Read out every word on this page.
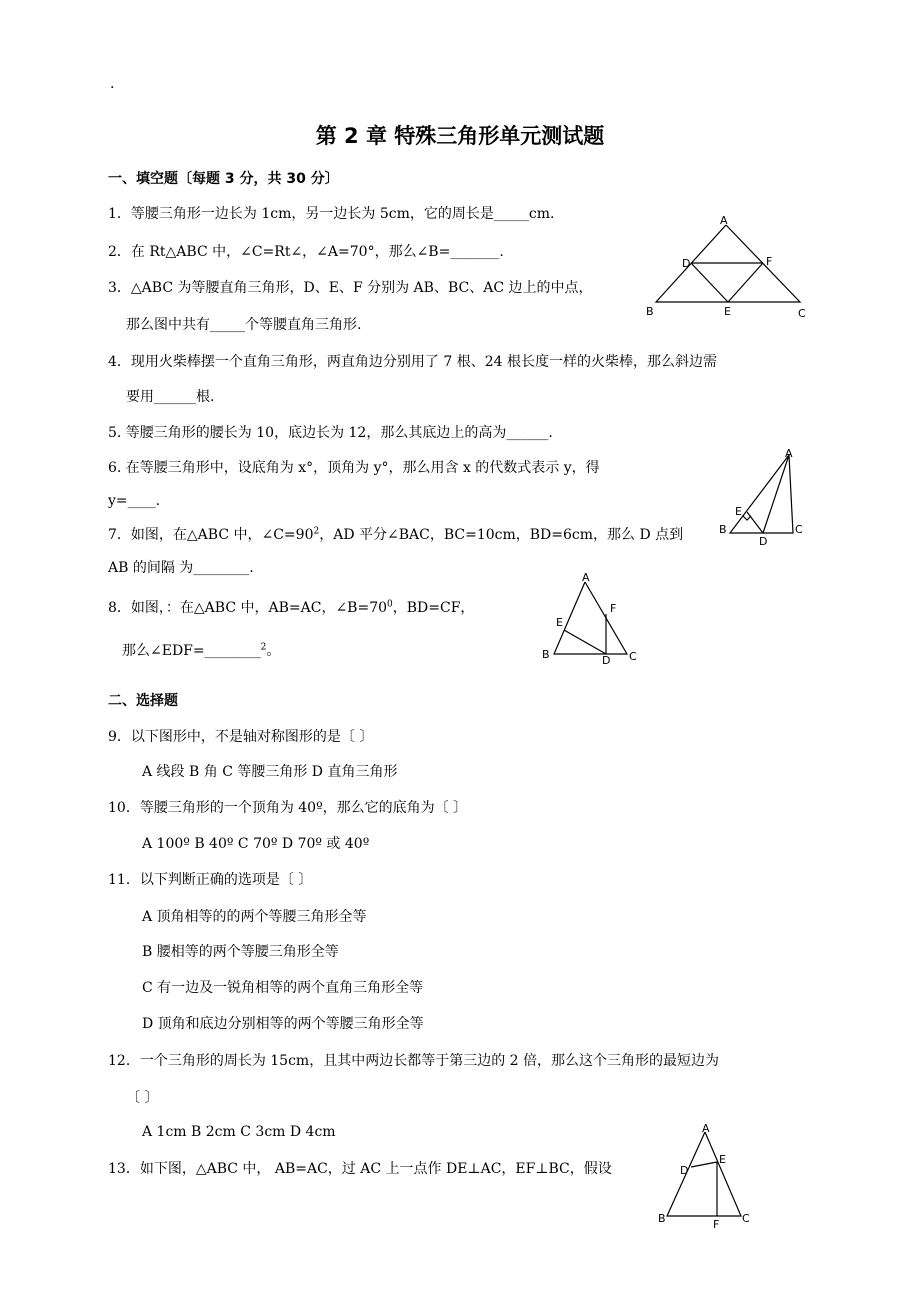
.
第 2 章 特殊三角形单元测试题
一、填空题〔每题 3 分，共 30 分〕
1．等腰三角形一边长为 1cm，另一边长为 5cm，它的周长是_____cm.
2．在 Rt△ABC 中，∠C=Rt∠，∠A=70°，那么∠B=_______.
3．△ABC 为等腰直角三角形，D、E、F 分别为 AB、BC、AC 边上的中点，
那么图中共有_____个等腰直角三角形.
4．现用火柴棒摆一个直角三角形，两直角边分别用了 7 根、24 根长度一样的火柴棒，那么斜边需
要用______根.
5. 等腰三角形的腰长为 10，底边长为 12，那么其底边上的高为______.
6. 在等腰三角形中，设底角为 x°，顶角为 y°，那么用含 x 的代数式表示 y，得
y=____.
7．如图，在△ABC 中，$\angle C=90^2$，AD 平分∠BAC，BC=10cm，BD=6cm，那么 D 点到
AB 的间隔 为________.
8．如图，：在△ABC 中，AB=AC，$\angle B=70^0$，BD=CF，
那么∠EDF=________$^2$。
二、选择题
9．以下图形中，不是轴对称图形的是〔 〕
A 线段 B 角 C 等腰三角形 D 直角三角形
10．等腰三角形的一个顶角为 40º，那么它的底角为〔 〕
A 100º B 40º C 70º D 70º 或 40º
11．以下判断正确的选项是〔 〕
A 顶角相等的的两个等腰三角形全等
B 腰相等的两个等腰三角形全等
C 有一边及一锐角相等的两个直角三角形全等
D 顶角和底边分别相等的两个等腰三角形全等
12．一个三角形的周长为 15cm，且其中两边长都等于第三边的 2 倍，那么这个三角形的最短边为
〔 〕
A 1cm B 2cm C 3cm D 4cm
13．如下图，△ABC 中， AB=AC，过 AC 上一点作 DE⊥AC，EF⊥BC，假设
A
B	C
D
E
F
A
B	C
D
E
A
B	C
D
E
F
A
B	C
D
E
F
